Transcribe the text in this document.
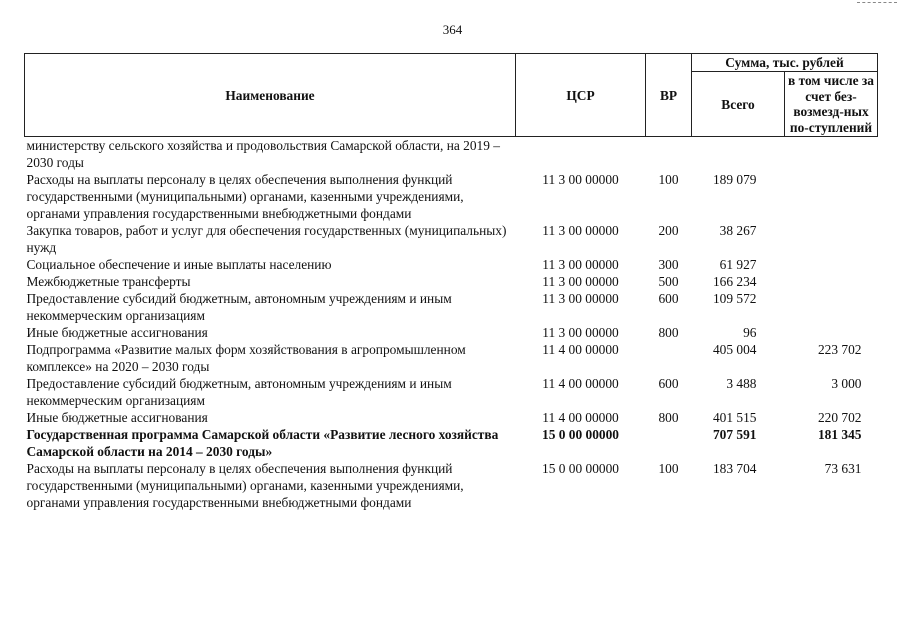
364
Наименование	ЦСР	ВР	Сумма, тыс. рублей	
			Всего	в том числе за счет без-возмезд-ных по-ступлений
министерству сельского хозяйства и продовольствия Самарской области, на 2019 – 2030 годы				
Расходы на выплаты персоналу в целях обеспечения выполнения функций государственными (муниципальными) органами, казенными учреждениями, органами управления государственными внебюджетными фондами	11 3 00 00000	100	189 079	
Закупка товаров, работ и услуг для обеспечения государственных (муниципальных) нужд	11 3 00 00000	200	38 267	
Социальное обеспечение и иные выплаты населению	11 3 00 00000	300	61 927	
Межбюджетные трансферты	11 3 00 00000	500	166 234	
Предоставление субсидий бюджетным, автономным учреждениям и иным некоммерческим организациям	11 3 00 00000	600	109 572	
Иные бюджетные ассигнования	11 3 00 00000	800	96	
Подпрограмма «Развитие малых форм хозяйствования в агропромышленном комплексе» на 2020 – 2030 годы	11 4 00 00000		405 004	223 702
Предоставление субсидий бюджетным, автономным учреждениям и иным некоммерческим организациям	11 4 00 00000	600	3 488	3 000
Иные бюджетные ассигнования	11 4 00 00000	800	401 515	220 702
Государственная программа Самарской области «Развитие лесного хозяйства Самарской области на 2014 – 2030 годы»	15 0 00 00000		707 591	181 345
Расходы на выплаты персоналу в целях обеспечения выполнения функций государственными (муниципальными) органами, казенными учреждениями, органами управления государственными внебюджетными фондами	15 0 00 00000	100	183 704	73 631
